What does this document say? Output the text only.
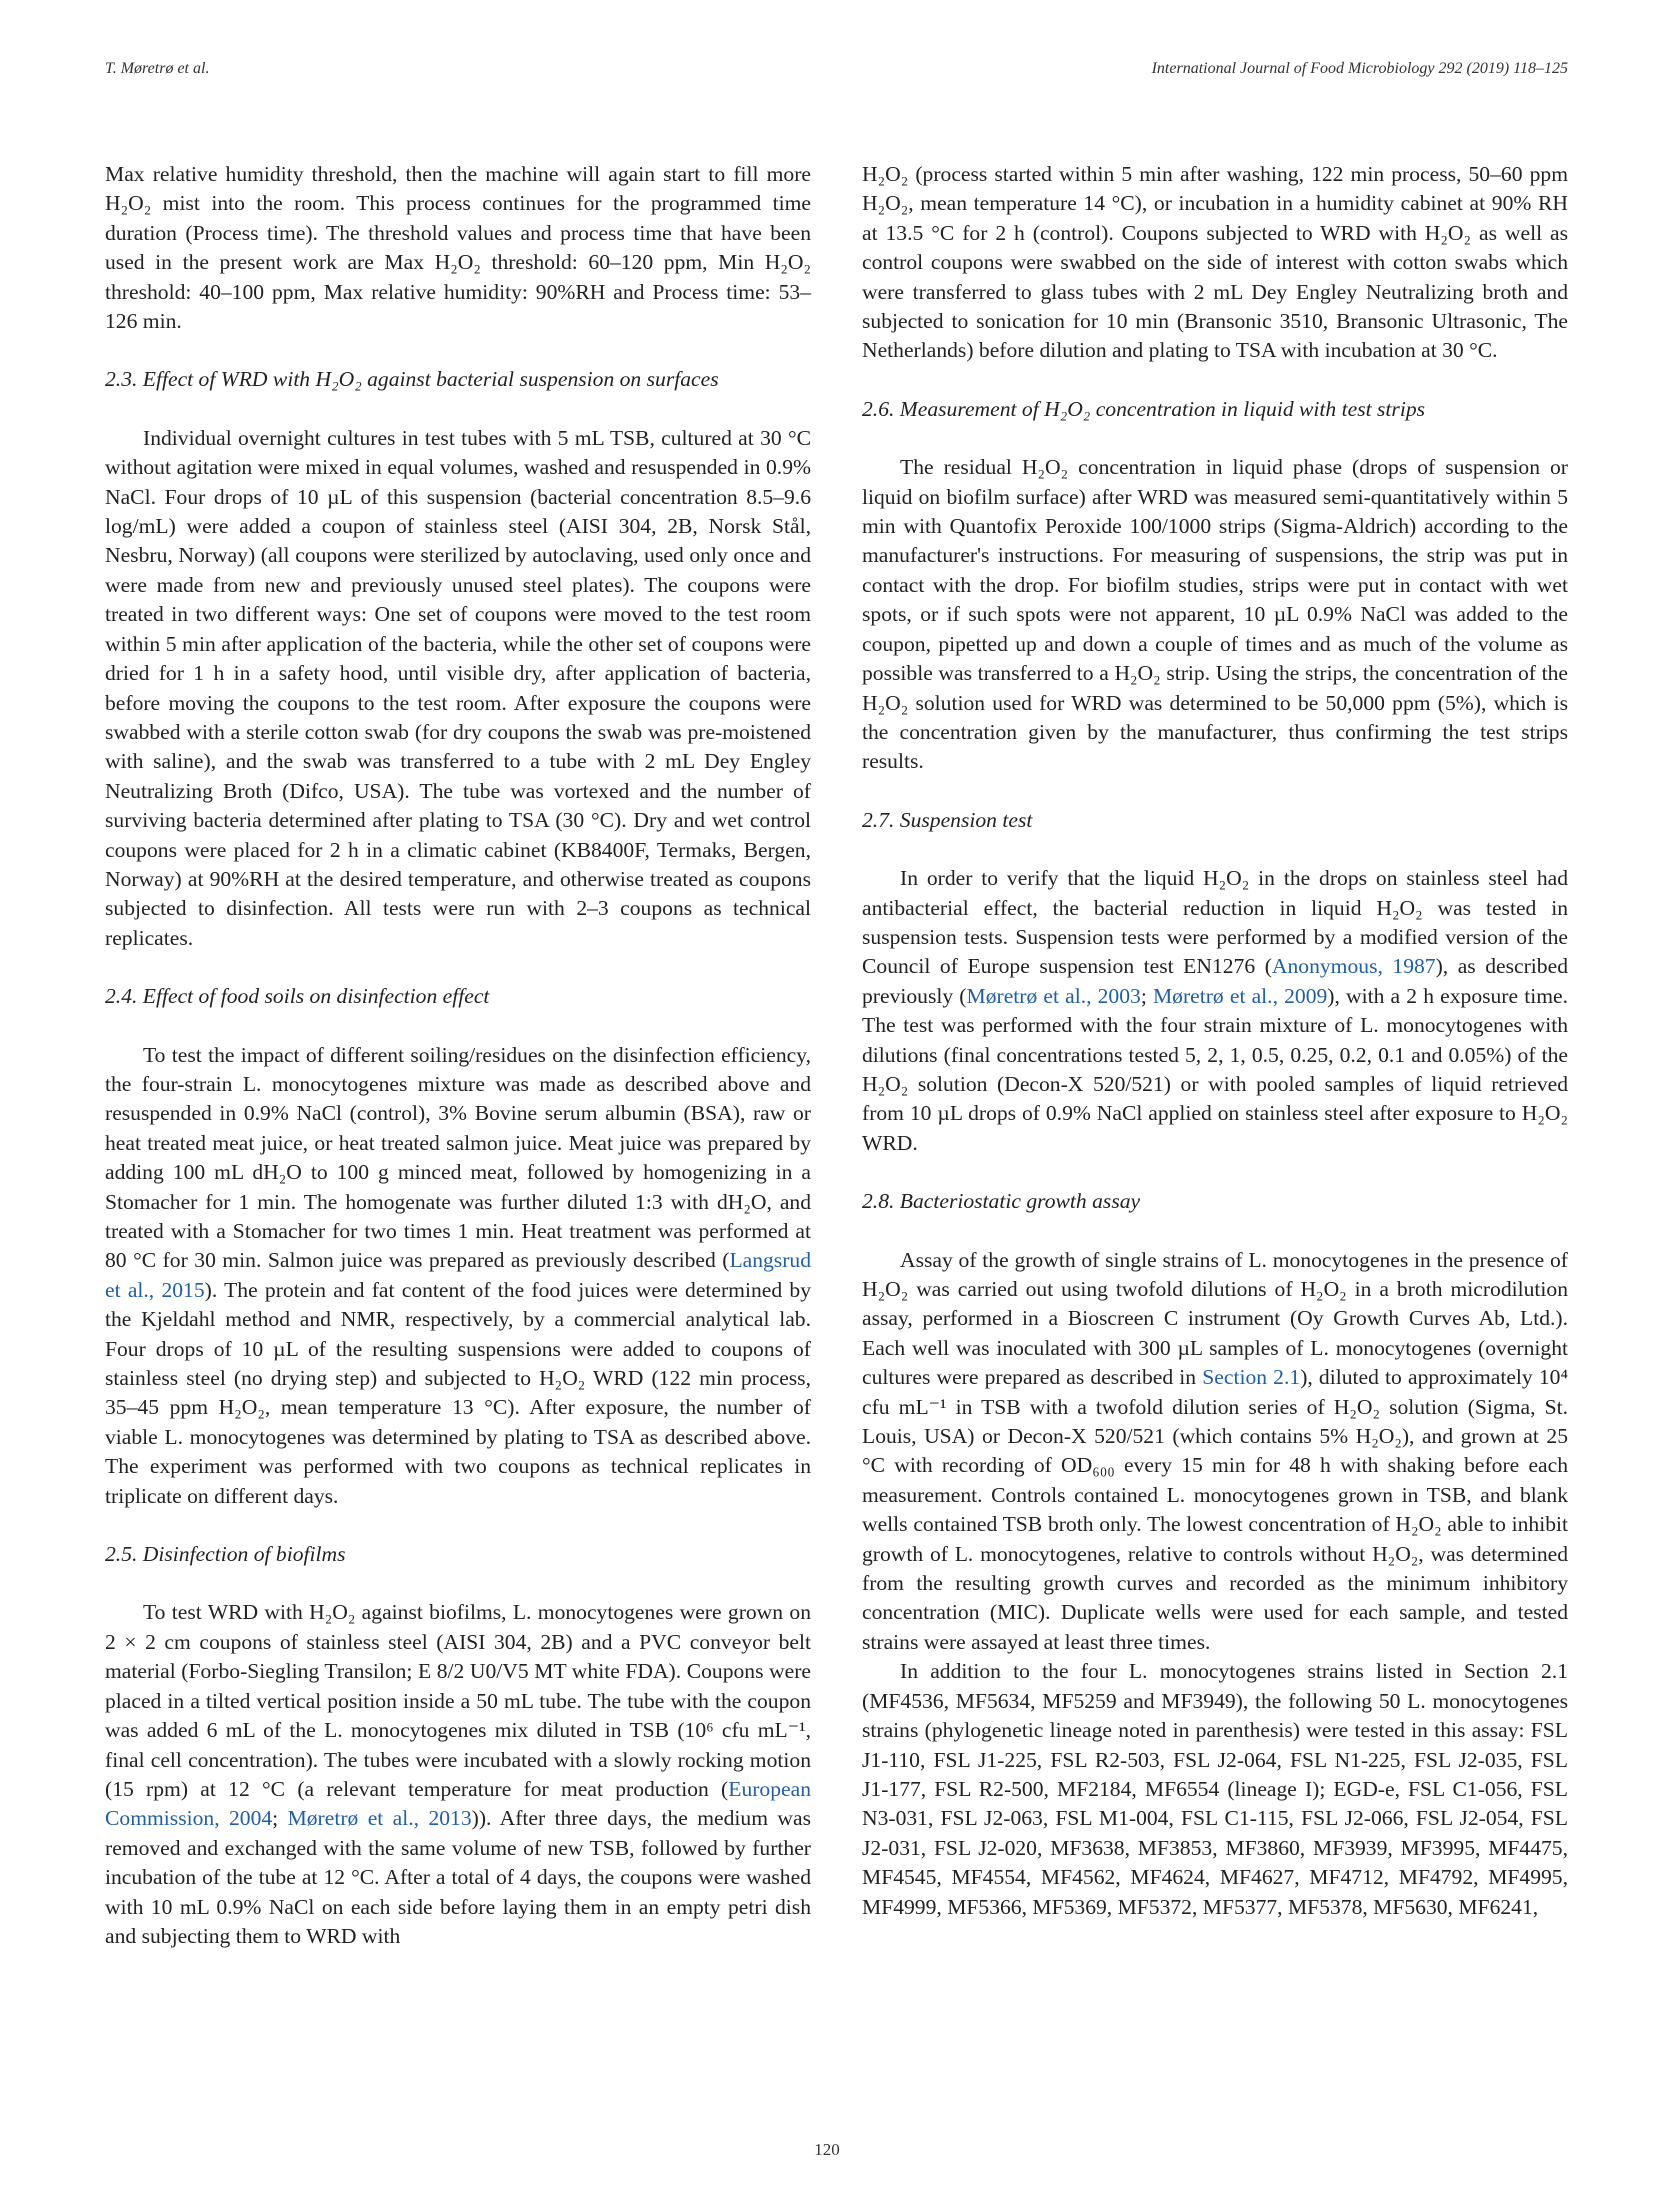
T. Møretrø et al.	International Journal of Food Microbiology 292 (2019) 118–125

Max relative humidity threshold, then the machine will again start to fill more H₂O₂ mist into the room. This process continues for the programmed time duration (Process time). The threshold values and process time that have been used in the present work are Max H₂O₂ threshold: 60–120 ppm, Min H₂O₂ threshold: 40–100 ppm, Max relative humidity: 90%RH and Process time: 53–126 min.

2.3. Effect of WRD with H₂O₂ against bacterial suspension on surfaces

Individual overnight cultures in test tubes with 5 mL TSB, cultured at 30 °C without agitation were mixed in equal volumes, washed and resuspended in 0.9% NaCl. Four drops of 10 µL of this suspension (bacterial concentration 8.5–9.6 log/mL) were added a coupon of stainless steel (AISI 304, 2B, Norsk Stål, Nesbru, Norway) (all coupons were sterilized by autoclaving, used only once and were made from new and previously unused steel plates). The coupons were treated in two different ways: One set of coupons were moved to the test room within 5 min after application of the bacteria, while the other set of coupons were dried for 1 h in a safety hood, until visible dry, after application of bacteria, before moving the coupons to the test room. After exposure the coupons were swabbed with a sterile cotton swab (for dry coupons the swab was pre-moistened with saline), and the swab was transferred to a tube with 2 mL Dey Engley Neutralizing Broth (Difco, USA). The tube was vortexed and the number of surviving bacteria determined after plating to TSA (30 °C). Dry and wet control coupons were placed for 2 h in a climatic cabinet (KB8400F, Termaks, Bergen, Norway) at 90%RH at the desired temperature, and otherwise treated as coupons subjected to disinfection. All tests were run with 2–3 coupons as technical replicates.

2.4. Effect of food soils on disinfection effect

To test the impact of different soiling/residues on the disinfection efficiency, the four-strain L. monocytogenes mixture was made as described above and resuspended in 0.9% NaCl (control), 3% Bovine serum albumin (BSA), raw or heat treated meat juice, or heat treated salmon juice. Meat juice was prepared by adding 100 mL dH₂O to 100 g minced meat, followed by homogenizing in a Stomacher for 1 min. The homogenate was further diluted 1:3 with dH₂O, and treated with a Stomacher for two times 1 min. Heat treatment was performed at 80 °C for 30 min. Salmon juice was prepared as previously described (Langsrud et al., 2015). The protein and fat content of the food juices were determined by the Kjeldahl method and NMR, respectively, by a commercial analytical lab. Four drops of 10 µL of the resulting suspensions were added to coupons of stainless steel (no drying step) and subjected to H₂O₂ WRD (122 min process, 35–45 ppm H₂O₂, mean temperature 13 °C). After exposure, the number of viable L. monocytogenes was determined by plating to TSA as described above. The experiment was performed with two coupons as technical replicates in triplicate on different days.

2.5. Disinfection of biofilms

To test WRD with H₂O₂ against biofilms, L. monocytogenes were grown on 2 × 2 cm coupons of stainless steel (AISI 304, 2B) and a PVC conveyor belt material (Forbo-Siegling Transilon; E 8/2 U0/V5 MT white FDA). Coupons were placed in a tilted vertical position inside a 50 mL tube. The tube with the coupon was added 6 mL of the L. monocytogenes mix diluted in TSB (10⁶ cfu mL⁻¹, final cell concentration). The tubes were incubated with a slowly rocking motion (15 rpm) at 12 °C (a relevant temperature for meat production (European Commission, 2004; Møretrø et al., 2013)). After three days, the medium was removed and exchanged with the same volume of new TSB, followed by further incubation of the tube at 12 °C. After a total of 4 days, the coupons were washed with 10 mL 0.9% NaCl on each side before laying them in an empty petri dish and subjecting them to WRD with

H₂O₂ (process started within 5 min after washing, 122 min process, 50–60 ppm H₂O₂, mean temperature 14 °C), or incubation in a humidity cabinet at 90% RH at 13.5 °C for 2 h (control). Coupons subjected to WRD with H₂O₂ as well as control coupons were swabbed on the side of interest with cotton swabs which were transferred to glass tubes with 2 mL Dey Engley Neutralizing broth and subjected to sonication for 10 min (Bransonic 3510, Bransonic Ultrasonic, The Netherlands) before dilution and plating to TSA with incubation at 30 °C.

2.6. Measurement of H₂O₂ concentration in liquid with test strips

The residual H₂O₂ concentration in liquid phase (drops of suspension or liquid on biofilm surface) after WRD was measured semi-quantitatively within 5 min with Quantofix Peroxide 100/1000 strips (Sigma-Aldrich) according to the manufacturer's instructions. For measuring of suspensions, the strip was put in contact with the drop. For biofilm studies, strips were put in contact with wet spots, or if such spots were not apparent, 10 µL 0.9% NaCl was added to the coupon, pipetted up and down a couple of times and as much of the volume as possible was transferred to a H₂O₂ strip. Using the strips, the concentration of the H₂O₂ solution used for WRD was determined to be 50,000 ppm (5%), which is the concentration given by the manufacturer, thus confirming the test strips results.

2.7. Suspension test

In order to verify that the liquid H₂O₂ in the drops on stainless steel had antibacterial effect, the bacterial reduction in liquid H₂O₂ was tested in suspension tests. Suspension tests were performed by a modified version of the Council of Europe suspension test EN1276 (Anonymous, 1987), as described previously (Møretrø et al., 2003; Møretrø et al., 2009), with a 2 h exposure time. The test was performed with the four strain mixture of L. monocytogenes with dilutions (final concentrations tested 5, 2, 1, 0.5, 0.25, 0.2, 0.1 and 0.05%) of the H₂O₂ solution (Decon-X 520/521) or with pooled samples of liquid retrieved from 10 µL drops of 0.9% NaCl applied on stainless steel after exposure to H₂O₂ WRD.

2.8. Bacteriostatic growth assay

Assay of the growth of single strains of L. monocytogenes in the presence of H₂O₂ was carried out using twofold dilutions of H₂O₂ in a broth microdilution assay, performed in a Bioscreen C instrument (Oy Growth Curves Ab, Ltd.). Each well was inoculated with 300 µL samples of L. monocytogenes (overnight cultures were prepared as described in Section 2.1), diluted to approximately 10⁴ cfu mL⁻¹ in TSB with a twofold dilution series of H₂O₂ solution (Sigma, St. Louis, USA) or Decon-X 520/521 (which contains 5% H₂O₂), and grown at 25 °C with recording of OD₆₀₀ every 15 min for 48 h with shaking before each measurement. Controls contained L. monocytogenes grown in TSB, and blank wells contained TSB broth only. The lowest concentration of H₂O₂ able to inhibit growth of L. monocytogenes, relative to controls without H₂O₂, was determined from the resulting growth curves and recorded as the minimum inhibitory concentration (MIC). Duplicate wells were used for each sample, and tested strains were assayed at least three times.

In addition to the four L. monocytogenes strains listed in Section 2.1 (MF4536, MF5634, MF5259 and MF3949), the following 50 L. monocytogenes strains (phylogenetic lineage noted in parenthesis) were tested in this assay: FSL J1-110, FSL J1-225, FSL R2-503, FSL J2-064, FSL N1-225, FSL J2-035, FSL J1-177, FSL R2-500, MF2184, MF6554 (lineage I); EGD-e, FSL C1-056, FSL N3-031, FSL J2-063, FSL M1-004, FSL C1-115, FSL J2-066, FSL J2-054, FSL J2-031, FSL J2-020, MF3638, MF3853, MF3860, MF3939, MF3995, MF4475, MF4545, MF4554, MF4562, MF4624, MF4627, MF4712, MF4792, MF4995, MF4999, MF5366, MF5369, MF5372, MF5377, MF5378, MF5630, MF6241,

120
